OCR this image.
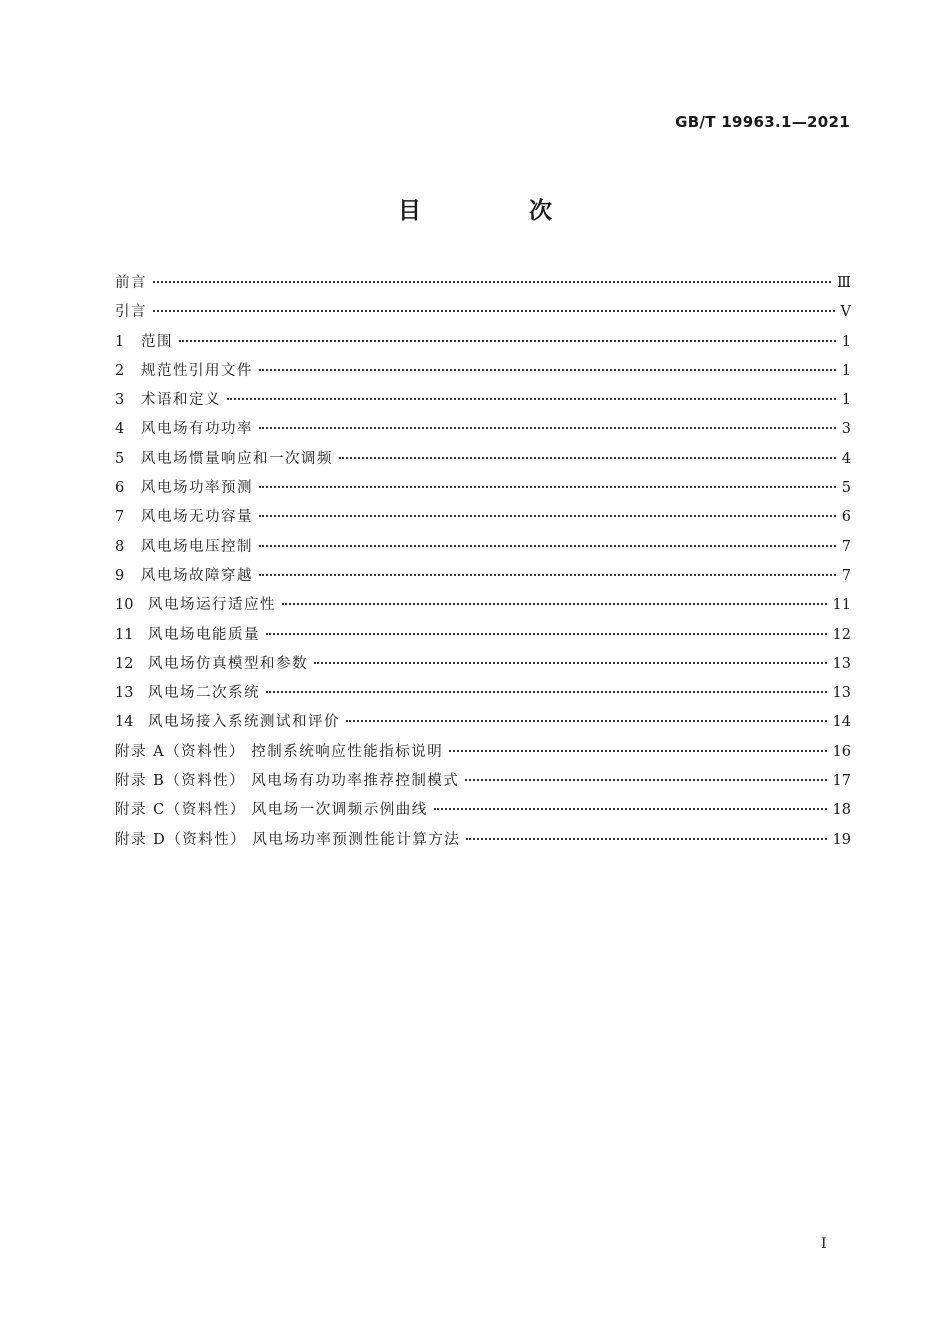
GB/T 19963.1—2021
目 次
前言	Ⅲ
引言	Ⅴ
1 范围	1
2 规范性引用文件	1
3 术语和定义	1
4 风电场有功功率	3
5 风电场惯量响应和一次调频	4
6 风电场功率预测	5
7 风电场无功容量	6
8 风电场电压控制	7
9 风电场故障穿越	7
10 风电场运行适应性	11
11 风电场电能质量	12
12 风电场仿真模型和参数	13
13 风电场二次系统	13
14 风电场接入系统测试和评价	14
附录 A（资料性） 控制系统响应性能指标说明	16
附录 B（资料性） 风电场有功功率推荐控制模式	17
附录 C（资料性） 风电场一次调频示例曲线	18
附录 D（资料性） 风电场功率预测性能计算方法	19
Ⅰ
